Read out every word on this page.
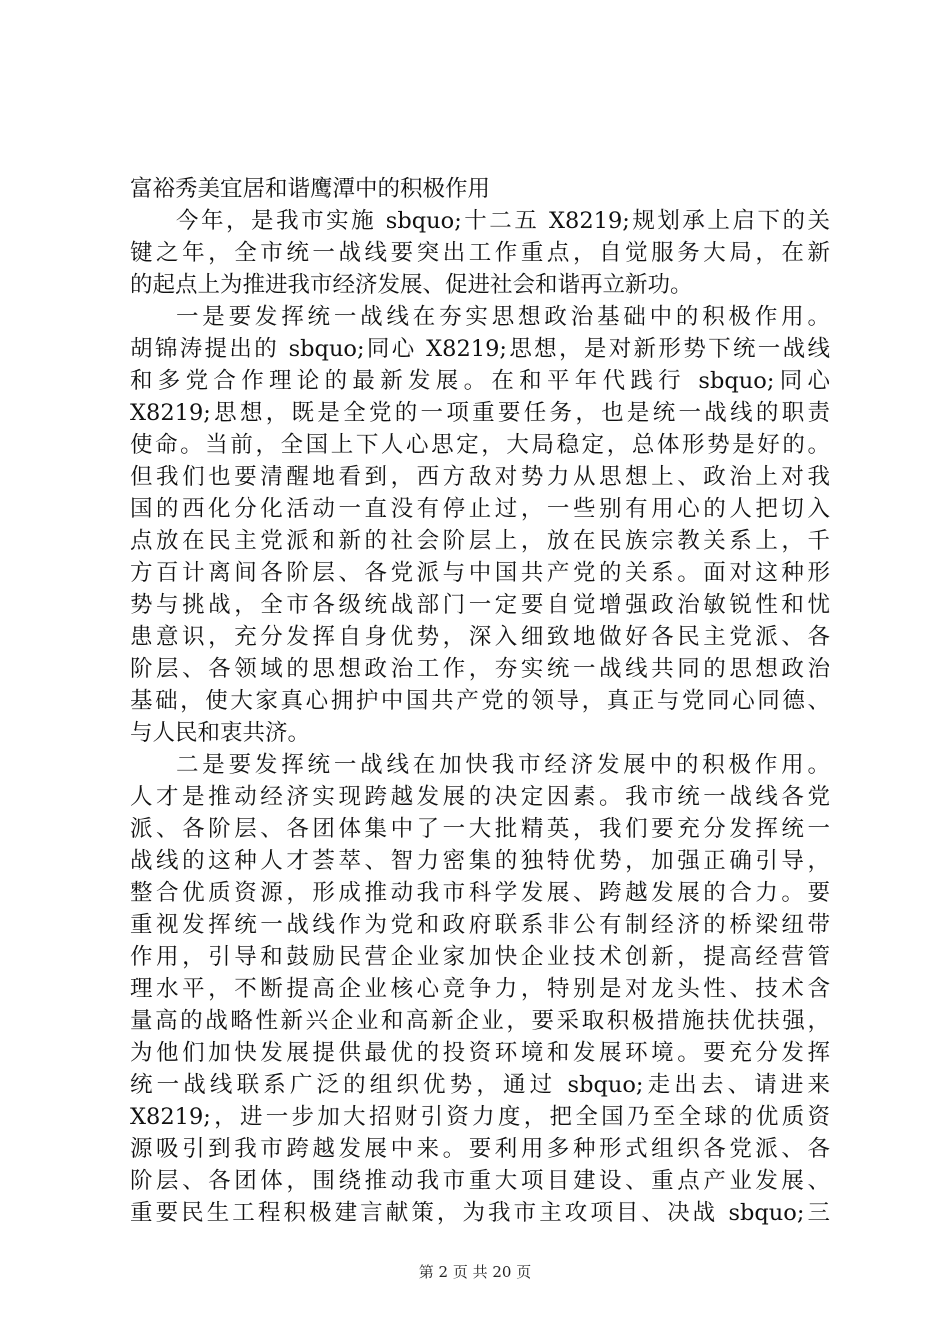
富裕秀美宜居和谐鹰潭中的积极作用
今年，是我市实施 sbquo;十二五 X8219;规划承上启下的关
键之年，全市统一战线要突出工作重点，自觉服务大局，在新
的起点上为推进我市经济发展、促进社会和谐再立新功。
一是要发挥统一战线在夯实思想政治基础中的积极作用。
胡锦涛提出的 sbquo;同心 X8219;思想，是对新形势下统一战线
和多党合作理论的最新发展。在和平年代践行 sbquo;同心
X8219;思想，既是全党的一项重要任务，也是统一战线的职责
使命。当前，全国上下人心思定，大局稳定，总体形势是好的。
但我们也要清醒地看到，西方敌对势力从思想上、政治上对我
国的西化分化活动一直没有停止过，一些别有用心的人把切入
点放在民主党派和新的社会阶层上，放在民族宗教关系上，千
方百计离间各阶层、各党派与中国共产党的关系。面对这种形
势与挑战，全市各级统战部门一定要自觉增强政治敏锐性和忧
患意识，充分发挥自身优势，深入细致地做好各民主党派、各
阶层、各领域的思想政治工作，夯实统一战线共同的思想政治
基础，使大家真心拥护中国共产党的领导，真正与党同心同德、
与人民和衷共济。
二是要发挥统一战线在加快我市经济发展中的积极作用。
人才是推动经济实现跨越发展的决定因素。我市统一战线各党
派、各阶层、各团体集中了一大批精英，我们要充分发挥统一
战线的这种人才荟萃、智力密集的独特优势，加强正确引导，
整合优质资源，形成推动我市科学发展、跨越发展的合力。要
重视发挥统一战线作为党和政府联系非公有制经济的桥梁纽带
作用，引导和鼓励民营企业家加快企业技术创新，提高经营管
理水平，不断提高企业核心竞争力，特别是对龙头性、技术含
量高的战略性新兴企业和高新企业，要采取积极措施扶优扶强，
为他们加快发展提供最优的投资环境和发展环境。要充分发挥
统一战线联系广泛的组织优势，通过 sbquo;走出去、请进来
X8219;，进一步加大招财引资力度，把全国乃至全球的优质资
源吸引到我市跨越发展中来。要利用多种形式组织各党派、各
阶层、各团体，围绕推动我市重大项目建设、重点产业发展、
重要民生工程积极建言献策，为我市主攻项目、决战 sbquo;三
第 2 页 共 20 页
